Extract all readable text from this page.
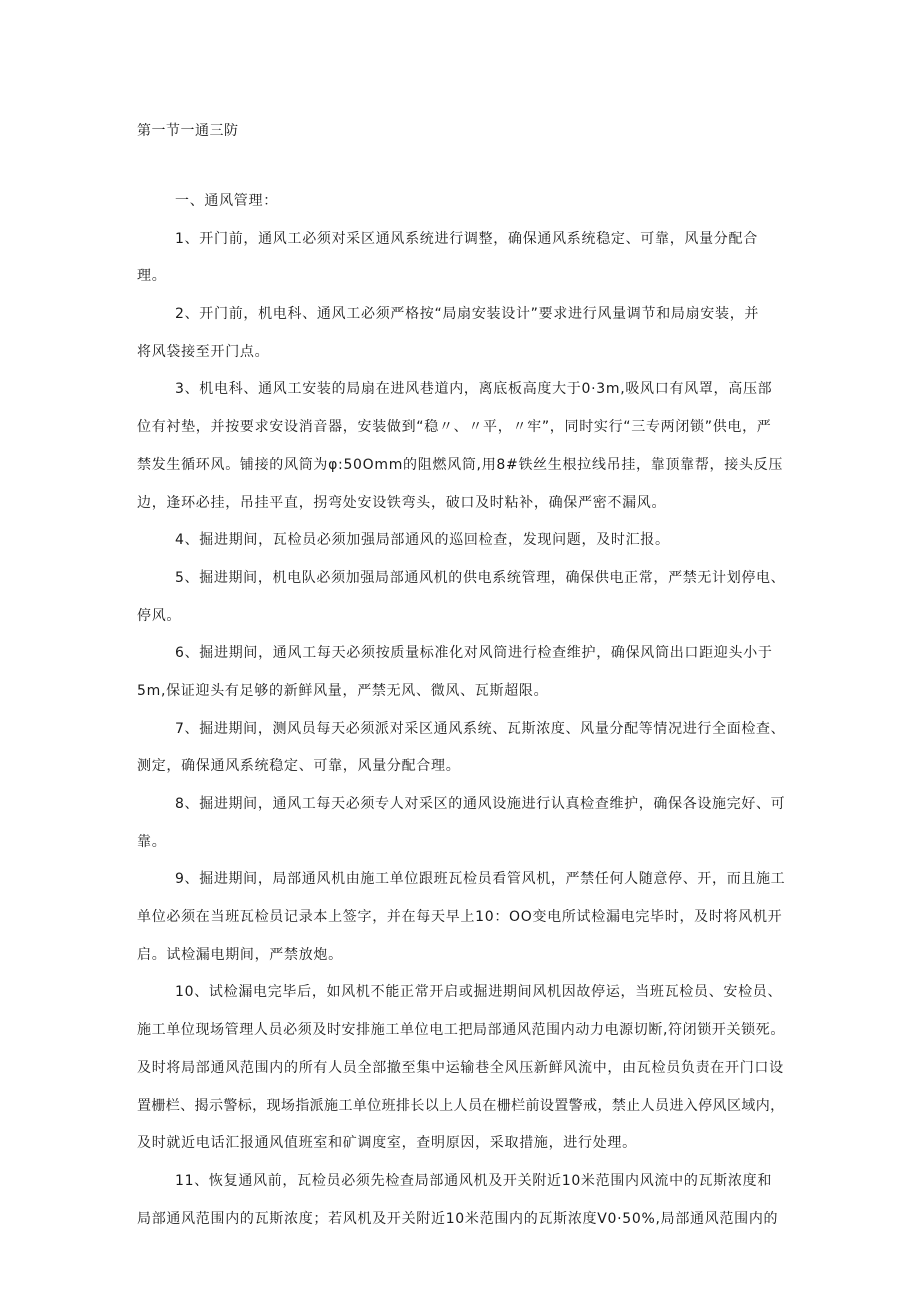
第一节一通三防
一、通风管理：
1、开门前，通风工必须对采区通风系统进行调整，确保通风系统稳定、可靠，风量分配合
理。
2、开门前，机电科、通风工必须严格按“局扇安装设计”要求进行风量调节和局扇安装，并
将风袋接至开门点。
3、机电科、通风工安装的局扇在进风巷道内，离底板高度大于0·3m,吸风口有风罩，高压部
位有衬垫，并按要求安设消音器，安装做到“稳〃、〃平，〃牢”，同时实行“三专两闭锁”供电，严
禁发生循环风。铺接的风筒为φ:50Omm的阻燃风筒,用8#铁丝生根拉线吊挂，靠顶靠帮，接头反压
边，逢环必挂，吊挂平直，拐弯处安设铁弯头，破口及时粘补，确保严密不漏风。
4、掘进期间，瓦检员必须加强局部通风的巡回检查，发现问题，及时汇报。
5、掘进期间，机电队必须加强局部通风机的供电系统管理，确保供电正常，严禁无计划停电、
停风。
6、掘进期间，通风工每天必须按质量标准化对风筒进行检查维护，确保风筒出口距迎头小于
5m,保证迎头有足够的新鲜风量，严禁无风、微风、瓦斯超限。
7、掘进期间，测风员每天必须派对采区通风系统、瓦斯浓度、风量分配等情况进行全面检查、
测定，确保通风系统稳定、可靠，风量分配合理。
8、掘进期间，通风工每天必须专人对采区的通风设施进行认真检查维护，确保各设施完好、可
靠。
9、掘进期间，局部通风机由施工单位跟班瓦检员看管风机，严禁任何人随意停、开，而且施工
单位必须在当班瓦检员记录本上签字，并在每天早上10：OO变电所试检漏电完毕时，及时将风机开
启。试检漏电期间，严禁放炮。
10、试检漏电完毕后，如风机不能正常开启或掘进期间风机因故停运，当班瓦检员、安检员、
施工单位现场管理人员必须及时安排施工单位电工把局部通风范围内动力电源切断,符闭锁开关锁死。
及时将局部通风范围内的所有人员全部撤至集中运输巷全风压新鲜风流中，由瓦检员负责在开门口设
置栅栏、揭示警标，现场指派施工单位班排长以上人员在栅栏前设置警戒，禁止人员进入停风区域内，
及时就近电话汇报通风值班室和矿调度室，查明原因，采取措施，进行处理。
11、恢复通风前，瓦检员必须先检查局部通风机及开关附近10米范围内风流中的瓦斯浓度和
局部通风范围内的瓦斯浓度；若风机及开关附近10米范围内的瓦斯浓度V0·50%,局部通风范围内的
